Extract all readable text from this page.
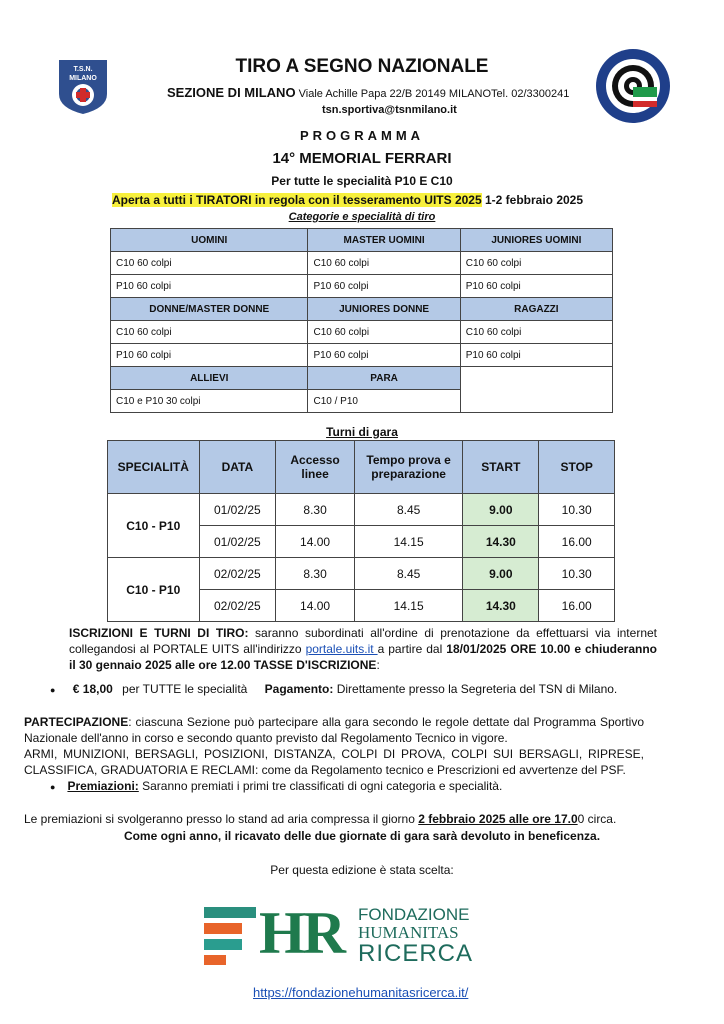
T.S.N.
MILANO
TIRO A SEGNO NAZIONALE
SEZIONE DI MILANO Viale Achille Papa 22/B 20149 MILANOTel. 02/3300241
tsn.sportiva@tsnmilano.it
PROGRAMMA
14° MEMORIAL FERRARI
Per tutte le specialità P10 E C10
Aperta a tutti i TIRATORI in regola con il tesseramento UITS 2025 1-2 febbraio 2025
Categorie e specialità di tiro
UOMINI	MASTER UOMINI	JUNIORES UOMINI
C10 60 colpi	C10 60 colpi	C10 60 colpi
P10 60 colpi	P10 60 colpi	P10 60 colpi
DONNE/MASTER DONNE	JUNIORES DONNE	RAGAZZI
C10 60 colpi	C10 60 colpi	C10 60 colpi
P10 60 colpi	P10 60 colpi	P10 60 colpi
ALLIEVI	PARA	
C10 e P10 30 colpi	C10 / P10	
Turni di gara
SPECIALITÀ	DATA	Accesso linee	Tempo prova e preparazione	START	STOP
C10 - P10	01/02/25	8.30	8.45	9.00	10.30
	01/02/25	14.00	14.15	14.30	16.00
C10 - P10	02/02/25	8.30	8.45	9.00	10.30
	02/02/25	14.00	14.15	14.30	16.00

ISCRIZIONI E TURNI DI TIRO: saranno subordinati all'ordine di prenotazione da effettuarsi via internet collegandosi al PORTALE UITS all'indirizzo portale.uits.it a partire dal 18/01/2025 ORE 10.00 e chiuderanno il 30 gennaio 2025 alle ore 12.00 TASSE D'ISCRIZIONE:

● € 18,00 per TUTTE le specialità Pagamento: Direttamente presso la Segreteria del TSN di Milano.

PARTECIPAZIONE: ciascuna Sezione può partecipare alla gara secondo le regole dettate dal Programma Sportivo Nazionale dell'anno in corso e secondo quanto previsto dal Regolamento Tecnico in vigore.

ARMI, MUNIZIONI, BERSAGLI, POSIZIONI, DISTANZA, COLPI DI PROVA, COLPI SUI BERSAGLI, RIPRESE, CLASSIFICA, GRADUATORIA E RECLAMI: come da Regolamento tecnico e Prescrizioni ed avvertenze del PSF.

● Premiazioni: Saranno premiati i primi tre classificati di ogni categoria e specialità.

Le premiazioni si svolgeranno presso lo stand ad aria compressa il giorno 2 febbraio 2025 alle ore 17.00 circa.
Come ogni anno, il ricavato delle due giornate di gara sarà devoluto in beneficenza.
Per questa edizione è stata scelta:
HR FONDAZIONE
HUMANITAS
RICERCA
https://fondazionehumanitasricerca.it/
